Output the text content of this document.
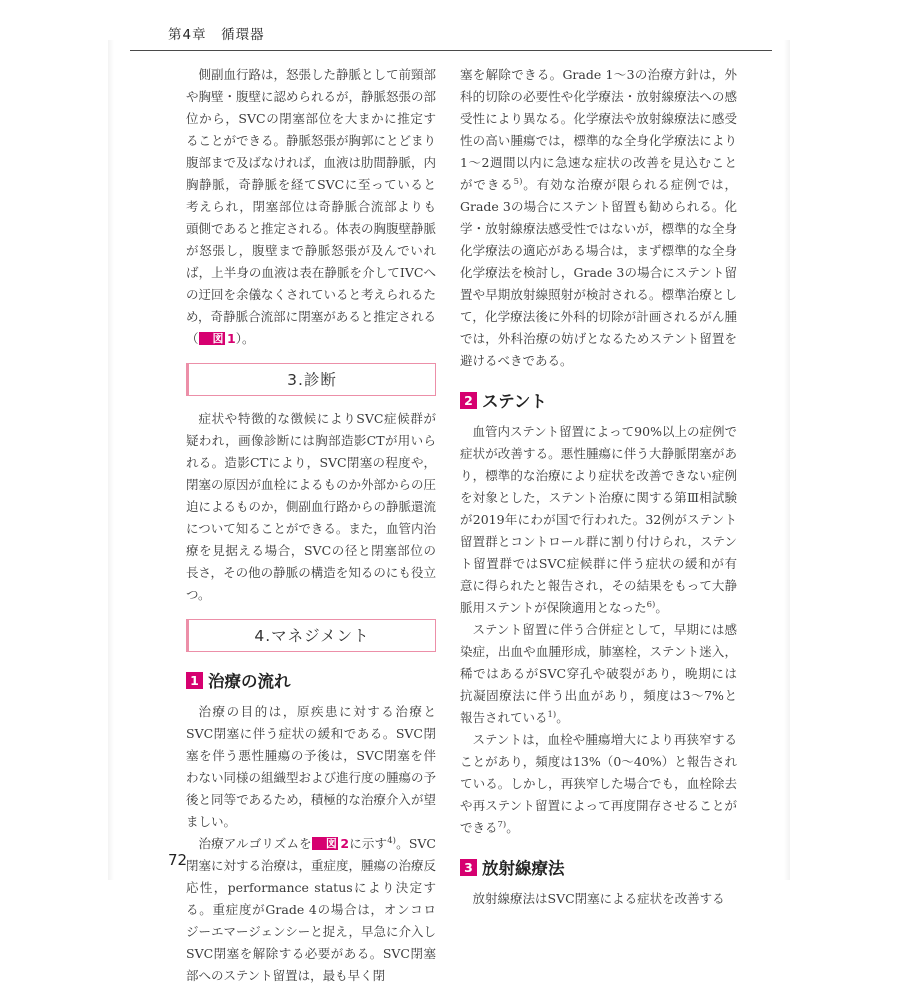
第4章　循環器

側副血行路は，怒張した静脈として前頸部や胸壁・腹壁に認められるが，静脈怒張の部位から，SVCの閉塞部位を大まかに推定することができる。静脈怒張が胸郭にとどまり腹部まで及ばなければ，血液は肋間静脈，内胸静脈，奇静脈を経てSVCに至っていると考えられ，閉塞部位は奇静脈合流部よりも頭側であると推定される。体表の胸腹壁静脈が怒張し，腹壁まで静脈怒張が及んでいれば，上半身の血液は表在静脈を介してIVCへの迂回を余儀なくされていると考えられるため，奇静脈合流部に閉塞があると推定される（ 図 1）。

3.診断

症状や特徴的な徴候によりSVC症候群が疑われ，画像診断には胸部造影CTが用いられる。造影CTにより，SVC閉塞の程度や，閉塞の原因が血栓によるものか外部からの圧迫によるものか，側副血行路からの静脈還流について知ることができる。また，血管内治療を見据える場合，SVCの径と閉塞部位の長さ，その他の静脈の構造を知るのにも役立つ。

4.マネジメント
1 治療の流れ

治療の目的は，原疾患に対する治療とSVC閉塞に伴う症状の緩和である。SVC閉塞を伴う悪性腫瘍の予後は，SVC閉塞を伴わない同様の組織型および進行度の腫瘍の予後と同等であるため，積極的な治療介入が望ましい。

治療アルゴリズムを 図 2に示す$^{4)}$。SVC閉塞に対する治療は，重症度，腫瘍の治療反応性，performance statusにより決定する。重症度がGrade 4の場合は，オンコロジーエマージェンシーと捉え，早急に介入しSVC閉塞を解除する必要がある。SVC閉塞部へのステント留置は，最も早く閉

塞を解除できる。Grade 1〜3の治療方針は，外科的切除の必要性や化学療法・放射線療法への感受性により異なる。化学療法や放射線療法に感受性の高い腫瘍では，標準的な全身化学療法により1〜2週間以内に急速な症状の改善を見込むことができる$^{5)}$。有効な治療が限られる症例では，Grade 3の場合にステント留置も勧められる。化学・放射線療法感受性ではないが，標準的な全身化学療法の適応がある場合は，まず標準的な全身化学療法を検討し，Grade 3の場合にステント留置や早期放射線照射が検討される。標準治療として，化学療法後に外科的切除が計画されるがん腫では，外科治療の妨げとなるためステント留置を避けるべきである。

2 ステント

血管内ステント留置によって90%以上の症例で症状が改善する。悪性腫瘍に伴う大静脈閉塞があり，標準的な治療により症状を改善できない症例を対象とした，ステント治療に関する第Ⅲ相試験が2019年にわが国で行われた。32例がステント留置群とコントロール群に割り付けられ，ステント留置群ではSVC症候群に伴う症状の緩和が有意に得られたと報告され，その結果をもって大静脈用ステントが保険適用となった$^{6)}$。

ステント留置に伴う合併症として，早期には感染症，出血や血腫形成，肺塞栓，ステント迷入，稀ではあるがSVC穿孔や破裂があり，晩期には抗凝固療法に伴う出血があり，頻度は3〜7%と報告されている$^{1)}$。

ステントは，血栓や腫瘍増大により再狭窄することがあり，頻度は13%（0〜40%）と報告されている。しかし，再狭窄した場合でも，血栓除去や再ステント留置によって再度開存させることができる$^{7)}$。

3 放射線療法

放射線療法はSVC閉塞による症状を改善する

72
